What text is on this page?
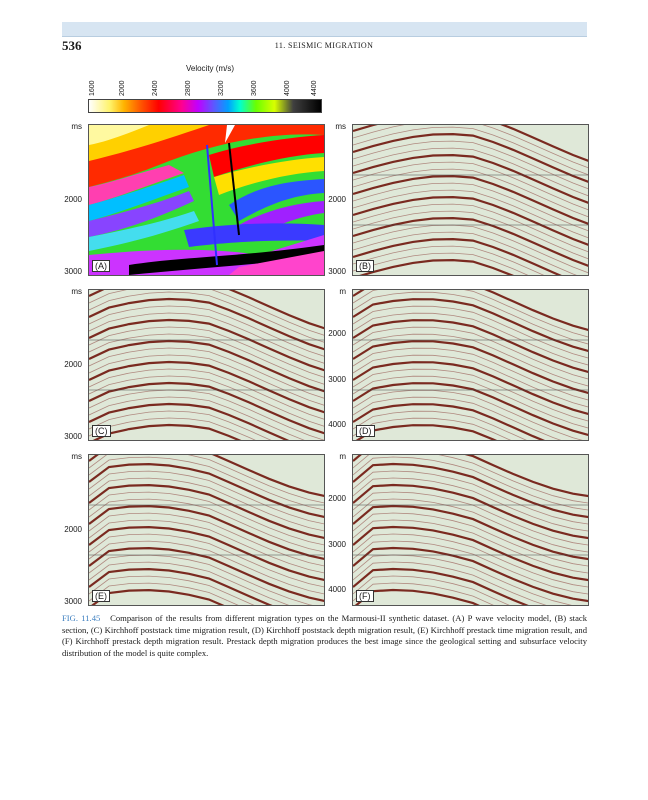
536	11. SEISMIC MIGRATION
Velocity (m/s)
1600	2000	2400	2800	3200	3600	4000	4400
(A)
ms
2000
3000
(B)
ms
2000
3000
(C)
ms
2000
3000
(D)
m
2000
3000
4000
(E)
ms
2000
3000
(F)
m
2000
3000
4000
FIG. 11.45 Comparison of the results from different migration types on the Marmousi-II synthetic dataset. (A) P wave velocity model, (B) stack section, (C) Kirchhoff poststack time migration result, (D) Kirchhoff poststack depth migration result, (E) Kirchhoff prestack time migration result, and (F) Kirchhoff prestack depth migration result. Prestack depth migration produces the best image since the geological setting and subsurface velocity distribution of the model is quite complex.
